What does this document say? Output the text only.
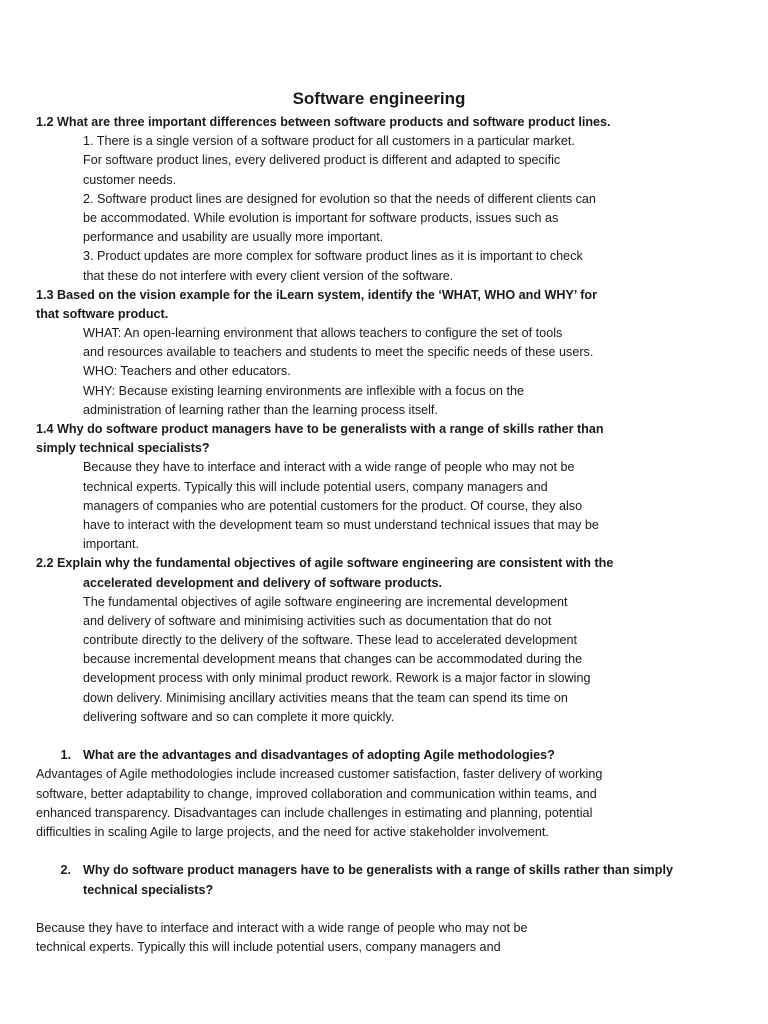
Software engineering
1.2 What are three important differences between software products and software product lines.
1. There is a single version of a software product for all customers in a particular market.
For software product lines, every delivered product is different and adapted to specific
customer needs.
2. Software product lines are designed for evolution so that the needs of different clients can
be accommodated. While evolution is important for software products, issues such as
performance and usability are usually more important.
3. Product updates are more complex for software product lines as it is important to check
that these do not interfere with every client version of the software.
1.3 Based on the vision example for the iLearn system, identify the ‘WHAT, WHO and WHY’ for
that software product.
WHAT: An open-learning environment that allows teachers to configure the set of tools
and resources available to teachers and students to meet the specific needs of these users.
WHO: Teachers and other educators.
WHY: Because existing learning environments are inflexible with a focus on the
administration of learning rather than the learning process itself.
1.4 Why do software product managers have to be generalists with a range of skills rather than
simply technical specialists?
Because they have to interface and interact with a wide range of people who may not be
technical experts. Typically this will include potential users, company managers and
managers of companies who are potential customers for the product. Of course, they also
have to interact with the development team so must understand technical issues that may be
important.
2.2 Explain why the fundamental objectives of agile software engineering are consistent with the
accelerated development and delivery of software products.
The fundamental objectives of agile software engineering are incremental development
and delivery of software and minimising activities such as documentation that do not
contribute directly to the delivery of the software. These lead to accelerated development
because incremental development means that changes can be accommodated during the
development process with only minimal product rework. Rework is a major factor in slowing
down delivery. Minimising ancillary activities means that the team can spend its time on
delivering software and so can complete it more quickly.
1. What are the advantages and disadvantages of adopting Agile methodologies?
Advantages of Agile methodologies include increased customer satisfaction, faster delivery of working
software, better adaptability to change, improved collaboration and communication within teams, and
enhanced transparency. Disadvantages can include challenges in estimating and planning, potential
difficulties in scaling Agile to large projects, and the need for active stakeholder involvement.
2. Why do software product managers have to be generalists with a range of skills rather than simply
technical specialists?
Because they have to interface and interact with a wide range of people who may not be
technical experts. Typically this will include potential users, company managers and
